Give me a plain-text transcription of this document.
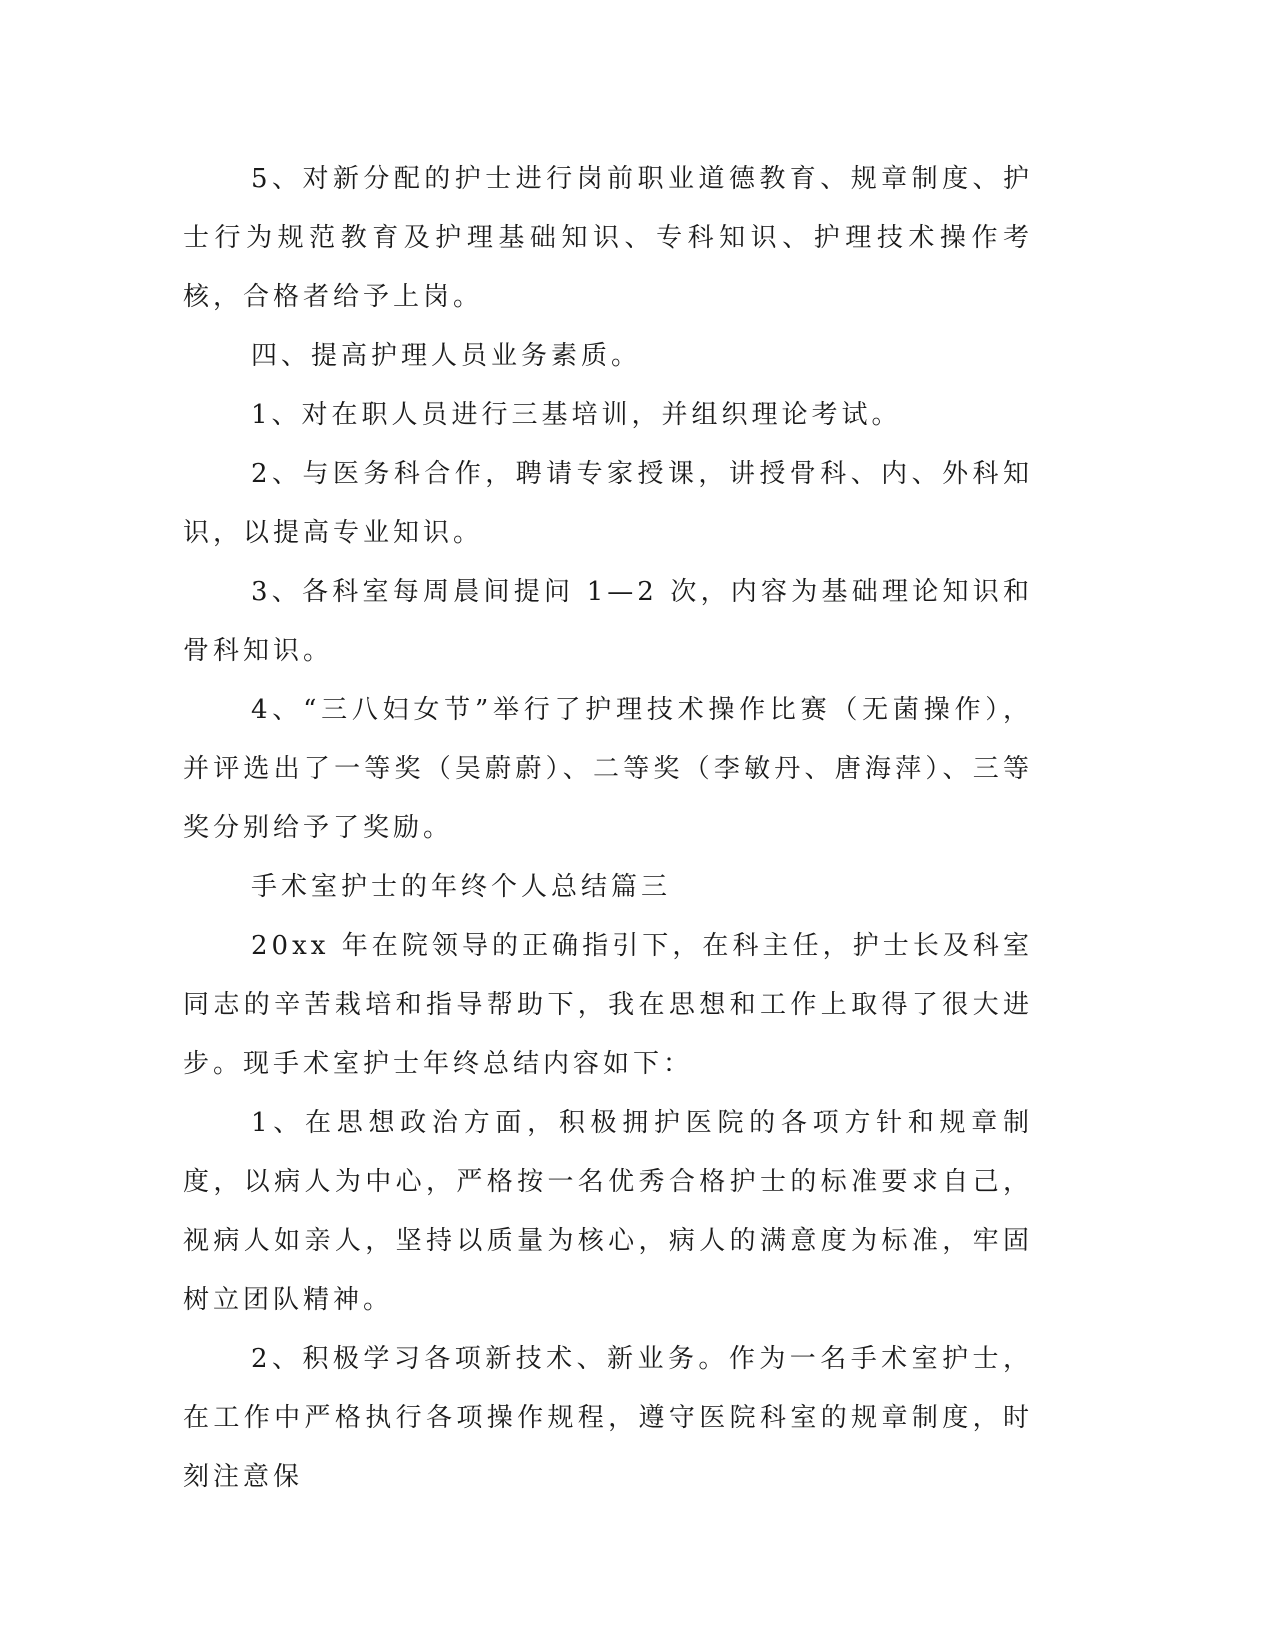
5、对新分配的护士进行岗前职业道德教育、规章制度、护士行为规范教育及护理基础知识、专科知识、护理技术操作考核，合格者给予上岗。

四、提高护理人员业务素质。

1、对在职人员进行三基培训，并组织理论考试。

2、与医务科合作，聘请专家授课，讲授骨科、内、外科知识，以提高专业知识。

3、各科室每周晨间提问 1—2 次，内容为基础理论知识和骨科知识。

4、“三八妇女节”举行了护理技术操作比赛（无菌操作），并评选出了一等奖（吴蔚蔚）、二等奖（李敏丹、唐海萍）、三等奖分别给予了奖励。

手术室护士的年终个人总结篇三

20xx 年在院领导的正确指引下，在科主任，护士长及科室同志的辛苦栽培和指导帮助下，我在思想和工作上取得了很大进步。现手术室护士年终总结内容如下：

1、在思想政治方面，积极拥护医院的各项方针和规章制度，以病人为中心，严格按一名优秀合格护士的标准要求自己，视病人如亲人，坚持以质量为核心，病人的满意度为标准，牢固树立团队精神。

2、积极学习各项新技术、新业务。作为一名手术室护士，在工作中严格执行各项操作规程，遵守医院科室的规章制度，时刻注意保
